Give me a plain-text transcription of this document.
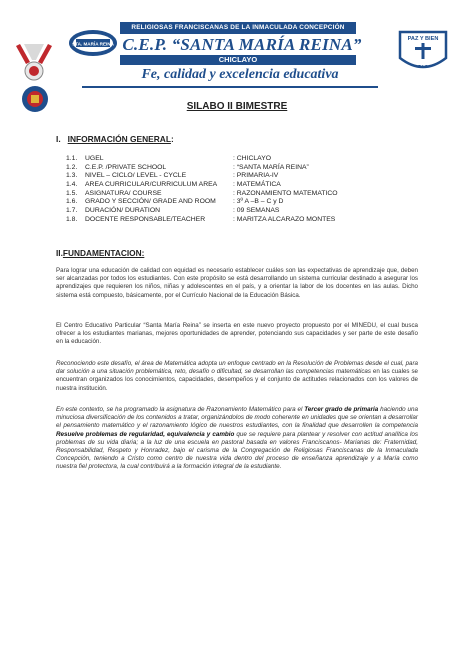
RELIGIOSAS FRANCISCANAS DE LA INMACULADA CONCEPCIÓN
STA. MARÍA REINA C.E.P. “SANTA MARÍA REINA”
CHICLAYO
Fe, calidad y excelencia educativa
PAZ Y BIEN
F I C
SILABO II BIMESTRE
I. INFORMACIÓN GENERAL:
1.1. UGEL	: CHICLAYO
1.2. C.E.P. /PRIVATE SCHOOL	: “SANTA MARÍA REINA”
1.3. NIVEL – CICLO/ LEVEL - CYCLE	: PRIMARIA-IV
1.4. AREA CURRICULAR/CURRICULUM AREA : MATEMÁTICA
1.5. ASIGNATURA/ COURSE	: RAZONAMIENTO MATEMATICO
1.6. GRADO Y SECCIÓN/ GRADE AND ROOM	: 3º A –B – C y D
1.7. DURACIÓN/ DURATION	: 09 SEMANAS
1.8. DOCENTE RESPONSABLE/TEACHER	: MARITZA ALCARAZO MONTES
II.FUNDAMENTACION:
Para lograr una educación de calidad con equidad es necesario establecer cuáles son las expectativas de aprendizaje que, deben ser alcanzadas por todos los estudiantes. Con este propósito se está desarrollando un sistema curricular destinado a asegurar los aprendizajes que requieren los niños, niñas y adolescentes en el país, y a orientar la labor de los docentes en las aulas. Dicho sistema está compuesto, básicamente, por el Currículo Nacional de la Educación Básica.
El Centro Educativo Particular “Santa María Reina” se inserta en este nuevo proyecto propuesto por el MINEDU, el cual busca ofrecer a los estudiantes marianas, mejores oportunidades de aprender, potenciando sus capacidades y ser parte de este desafío en la educación.
Reconociendo este desafío, el área de Matemática adopta un enfoque centrado en la Resolución de Problemas desde el cual, para dar solución a una situación problemática, reto, desafío o dificultad, se desarrollan las competencias matemáticas en las cuales se encuentran organizados los conocimientos, capacidades, desempeños y el conjunto de actitudes relacionados con los valores de nuestra institución.
En este contexto, se ha programado la asignatura de Razonamiento Matemático para el Tercer grado de primaria haciendo una minuciosa diversificación de los contenidos a tratar, organizándolos de modo coherente en unidades que se orientan a desarrollar el pensamiento matemático y el razonamiento lógico de nuestros estudiantes, con la finalidad que desarrollen la competencia Resuelve problemas de regularidad, equivalencia y cambio que se requiere para plantear y resolver con actitud analítica los problemas de su vida diaria; a la luz de una escuela en pastoral basada en valores Franciscanos- Marianas de: Fraternidad, Responsabilidad, Respeto y Honradez, bajo el carisma de la Congregación de Religiosas Franciscanas de la Inmaculada Concepción, teniendo a Cristo como centro de nuestra vida dentro del proceso de enseñanza aprendizaje y a María como nuestra fiel protectora, la cual contribuirá a la formación integral de la estudiante.
